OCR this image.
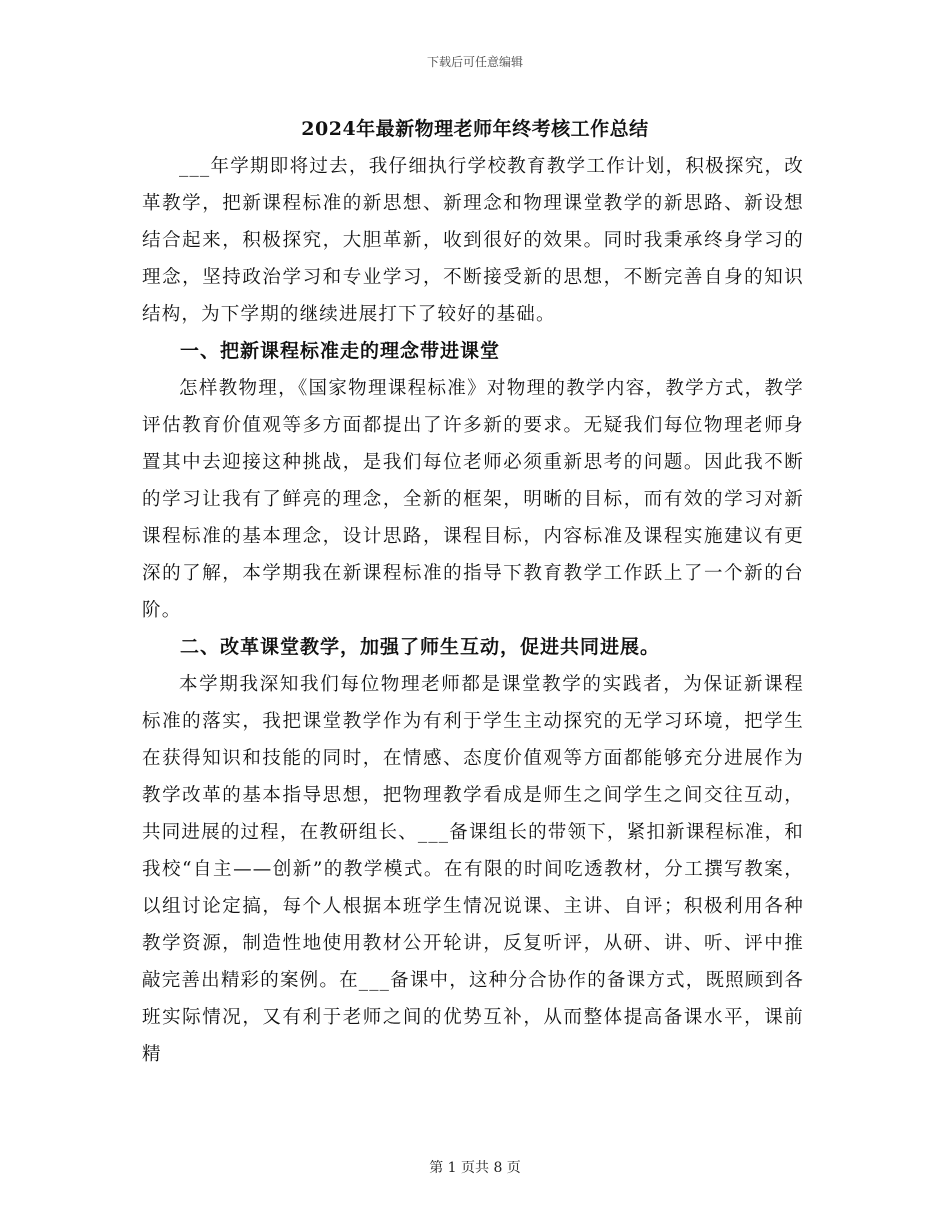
下载后可任意编辑
2024年最新物理老师年终考核工作总结

___年学期即将过去，我仔细执行学校教育教学工作计划，积极探究，改革教学，把新课程标准的新思想、新理念和物理课堂教学的新思路、新设想结合起来，积极探究，大胆革新，收到很好的效果。同时我秉承终身学习的理念，坚持政治学习和专业学习，不断接受新的思想，不断完善自身的知识结构，为下学期的继续进展打下了较好的基础。

一、把新课程标准走的理念带进课堂

怎样教物理，《国家物理课程标准》对物理的教学内容，教学方式，教学评估教育价值观等多方面都提出了许多新的要求。无疑我们每位物理老师身置其中去迎接这种挑战，是我们每位老师必须重新思考的问题。因此我不断的学习让我有了鲜亮的理念，全新的框架，明晰的目标，而有效的学习对新课程标准的基本理念，设计思路，课程目标，内容标准及课程实施建议有更深的了解，本学期我在新课程标准的指导下教育教学工作跃上了一个新的台阶。

二、改革课堂教学，加强了师生互动，促进共同进展。

本学期我深知我们每位物理老师都是课堂教学的实践者，为保证新课程标准的落实，我把课堂教学作为有利于学生主动探究的无学习环境，把学生在获得知识和技能的同时，在情感、态度价值观等方面都能够充分进展作为教学改革的基本指导思想，把物理教学看成是师生之间学生之间交往互动，共同进展的过程，在教研组长、___备课组长的带领下，紧扣新课程标准，和我校“自主——创新”的教学模式。在有限的时间吃透教材，分工撰写教案，以组讨论定搞，每个人根据本班学生情况说课、主讲、自评；积极利用各种教学资源，制造性地使用教材公开轮讲，反复听评，从研、讲、听、评中推敲完善出精彩的案例。在___备课中，这种分合协作的备课方式，既照顾到各班实际情况，又有利于老师之间的优势互补，从而整体提高备课水平，课前精

第 1 页共 8 页
